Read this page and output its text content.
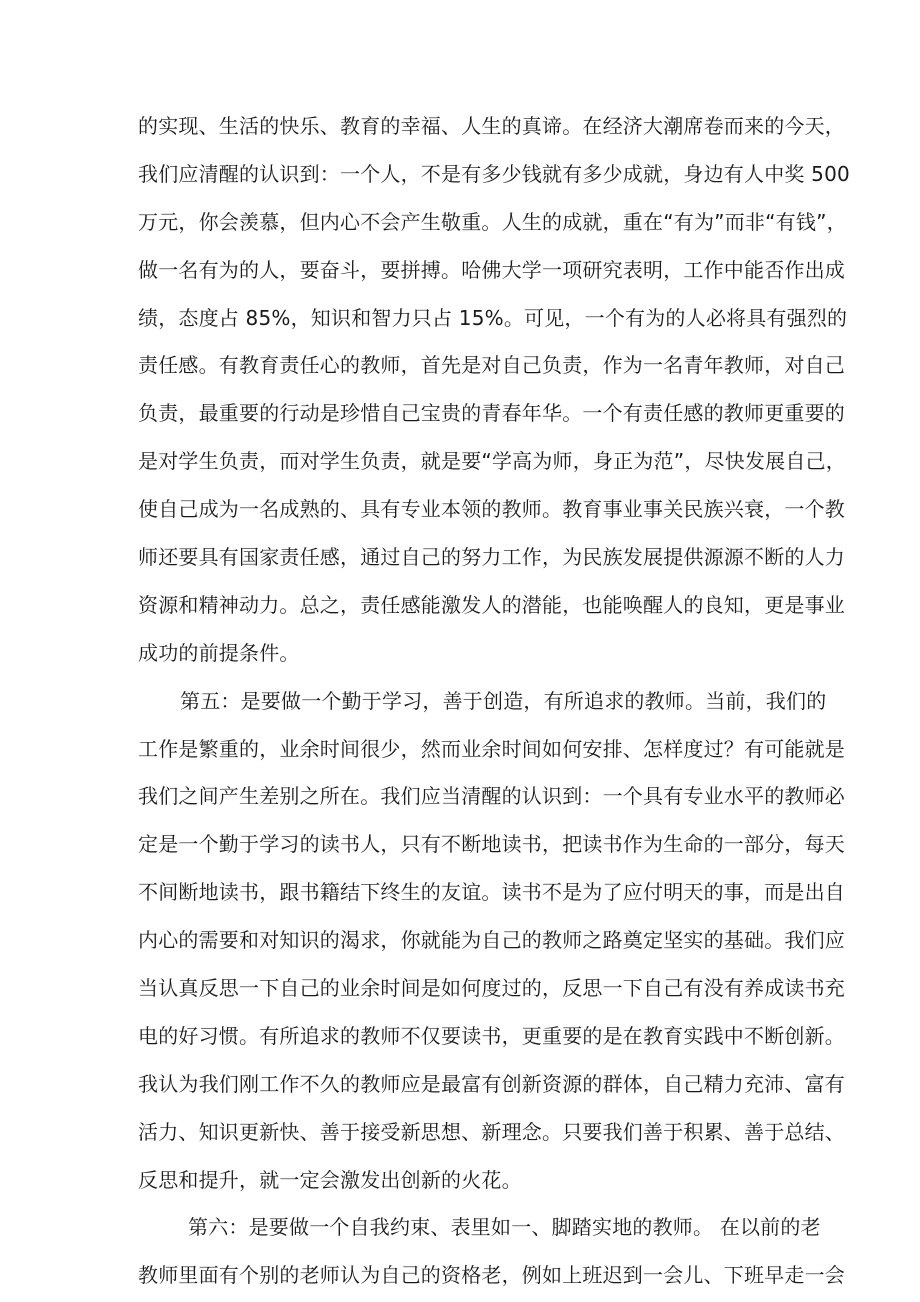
的实现、生活的快乐、教育的幸福、人生的真谛。在经济大潮席卷而来的今天，
我们应清醒的认识到：一个人，不是有多少钱就有多少成就，身边有人中奖 500
万元，你会羡慕，但内心不会产生敬重。人生的成就，重在“有为”而非“有钱”，
做一名有为的人，要奋斗，要拼搏。哈佛大学一项研究表明，工作中能否作出成
绩，态度占 85%，知识和智力只占 15%。可见，一个有为的人必将具有强烈的
责任感。有教育责任心的教师，首先是对自己负责，作为一名青年教师，对自己
负责，最重要的行动是珍惜自己宝贵的青春年华。一个有责任感的教师更重要的
是对学生负责，而对学生负责，就是要“学高为师，身正为范”，尽快发展自己，
使自己成为一名成熟的、具有专业本领的教师。教育事业事关民族兴衰，一个教
师还要具有国家责任感，通过自己的努力工作，为民族发展提供源源不断的人力
资源和精神动力。总之，责任感能激发人的潜能，也能唤醒人的良知，更是事业
成功的前提条件。
第五：是要做一个勤于学习，善于创造，有所追求的教师。当前，我们的
工作是繁重的，业余时间很少，然而业余时间如何安排、怎样度过？有可能就是
我们之间产生差别之所在。我们应当清醒的认识到：一个具有专业水平的教师必
定是一个勤于学习的读书人，只有不断地读书，把读书作为生命的一部分，每天
不间断地读书，跟书籍结下终生的友谊。读书不是为了应付明天的事，而是出自
内心的需要和对知识的渴求，你就能为自己的教师之路奠定坚实的基础。我们应
当认真反思一下自己的业余时间是如何度过的，反思一下自己有没有养成读书充
电的好习惯。有所追求的教师不仅要读书，更重要的是在教育实践中不断创新。
我认为我们刚工作不久的教师应是最富有创新资源的群体，自己精力充沛、富有
活力、知识更新快、善于接受新思想、新理念。只要我们善于积累、善于总结、
反思和提升，就一定会激发出创新的火花。
第六：是要做一个自我约束、表里如一、脚踏实地的教师。 在以前的老
教师里面有个别的老师认为自己的资格老，例如上班迟到一会儿、下班早走一会
